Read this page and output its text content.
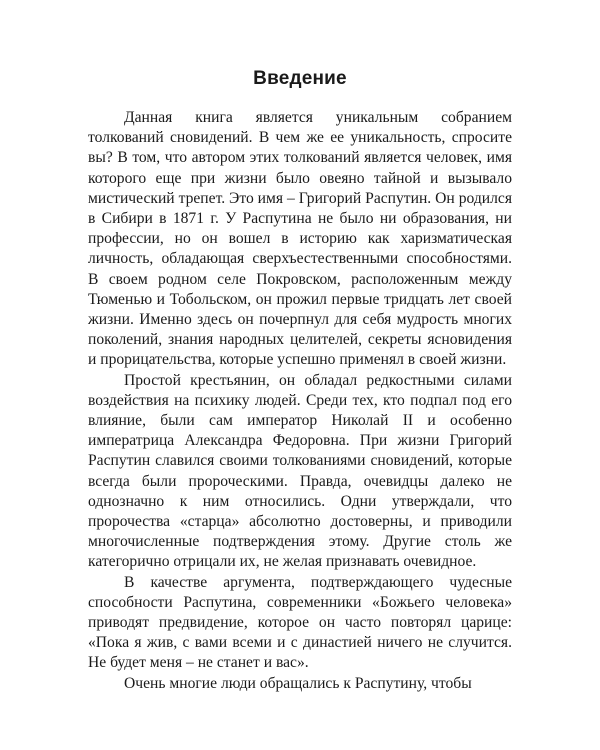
Введение

Данная книга является уникальным собранием толкований сновидений. В чем же ее уникальность, спросите вы? В том, что автором этих толкований является человек, имя которого еще при жизни было овеяно тайной и вызывало мистический трепет. Это имя – Григорий Распутин. Он родился в Сибири в 1871 г. У Распутина не было ни образования, ни профессии, но он вошел в историю как харизматическая личность, обладающая сверхъестественными способностями. В своем родном селе Покровском, расположенным между Тюменью и Тобольском, он прожил первые тридцать лет своей жизни. Именно здесь он почерпнул для себя мудрость многих поколений, знания народных целителей, секреты ясновидения и прорицательства, которые успешно применял в своей жизни.

Простой крестьянин, он обладал редкостными силами воздействия на психику людей. Среди тех, кто подпал под его влияние, были сам император Николай II и особенно императрица Александра Федоровна. При жизни Григорий Распутин славился своими толкованиями сновидений, которые всегда были пророческими. Правда, очевидцы далеко не однозначно к ним относились. Одни утверждали, что пророчества «старца» абсолютно достоверны, и приводили многочисленные подтверждения этому. Другие столь же категорично отрицали их, не желая признавать очевидное.

В качестве аргумента, подтверждающего чудесные способности Распутина, современники «Божьего человека» приводят предвидение, которое он часто повторял царице: «Пока я жив, с вами всеми и с династией ничего не случится. Не будет меня – не станет и вас».

Очень многие люди обращались к Распутину, чтобы
